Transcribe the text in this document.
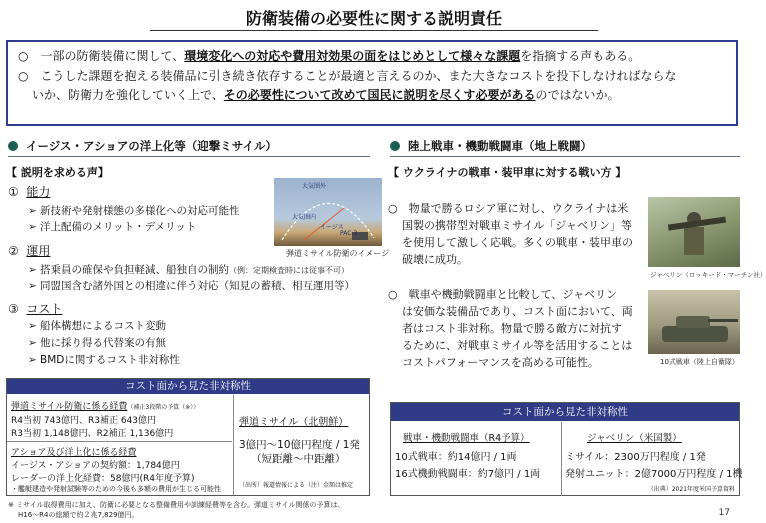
防衛装備の必要性に関する説明責任

○　一部の防衛装備に関して、環境変化への対応や費用対効果の面をはじめとして様々な課題を指摘する声もある。

○　こうした課題を抱える装備品に引き続き依存することが最適と言えるのか、また大きなコストを投下しなければならな
いか、防衛力を強化していく上で、その必要性について改めて国民に説明を尽くす必要があるのではないか。

イージス・アショアの洋上化等（迎撃ミサイル）
【 説明を求める声】
大気圏外
大気圏内
イージス
PAC-3
弾道ミサイル防衛のイメージ
① 能力
➢ 新技術や発射様態の多様化への対応可能性
➢ 洋上配備のメリット・デメリット
② 運用
➢ 搭乗員の確保や負担軽減、船独自の制約（例：定期検査時には従事不可）
➢ 同盟国含む諸外国との相違に伴う対応（知見の蓄積、相互運用等）
③ コスト
➢ 船体構想によるコスト変動
➢ 他に採り得る代替案の有無
➢ BMDに関するコスト非対称性
コスト面から見た非対称性
弾道ミサイル防衛に係る経費（補正3段階の予算（※））
R4当初 743億円、R3補正 643億円
R3当初 1,148億円、R2補正 1,136億円
アショア及び洋上化に係る経費
イージス・アショアの契約額：1,784億円
レーダーの洋上化経費：58億円(R4年度予算)
・艦艇建造や発射試験等のための今後も多額の費用が生じる可能性
弾道ミサイル（北朝鮮）
3億円～10億円程度 / 1発
（短距離～中距離）
（出所）報道情報による（注）金額は推定
※ ミサイル取得費用に加え、防衛に必要となる整備費用や訓練経費等を含む。弾道ミサイル関係の予算は、
H16～R4の総額で約２兆7,829億円。
陸上戦車・機動戦闘車（地上戦闘）
【 ウクライナの戦車・装甲車に対する戦い方 】
○　物量で勝るロシア軍に対し、ウクライナは米
国製の携帯型対戦車ミサイル「ジャベリン」等
を使用して激しく応戦。多くの戦車・装甲車の
破壊に成功。
○　戦車や機動戦闘車と比較して、ジャベリン
は安価な装備品であり、コスト面において、両
者はコスト非対称。物量で勝る敵方に対抗す
るために、対戦車ミサイル等を活用することは
コストパフォーマンスを高める可能性。
ジャベリン（ロッキード・マーチン社）
10式戦車（陸上自衛隊）
コスト面から見た非対称性
戦車・機動戦闘車（R4予算）
10式戦車：約14億円 / 1両
16式機動戦闘車：約7億円 / 1両
ジャベリン（米国製）
ミサイル：2300万円程度 / 1発
発射ユニット：2億7000万円程度 / 1機
（出典）2021年度米国予算資料
17
